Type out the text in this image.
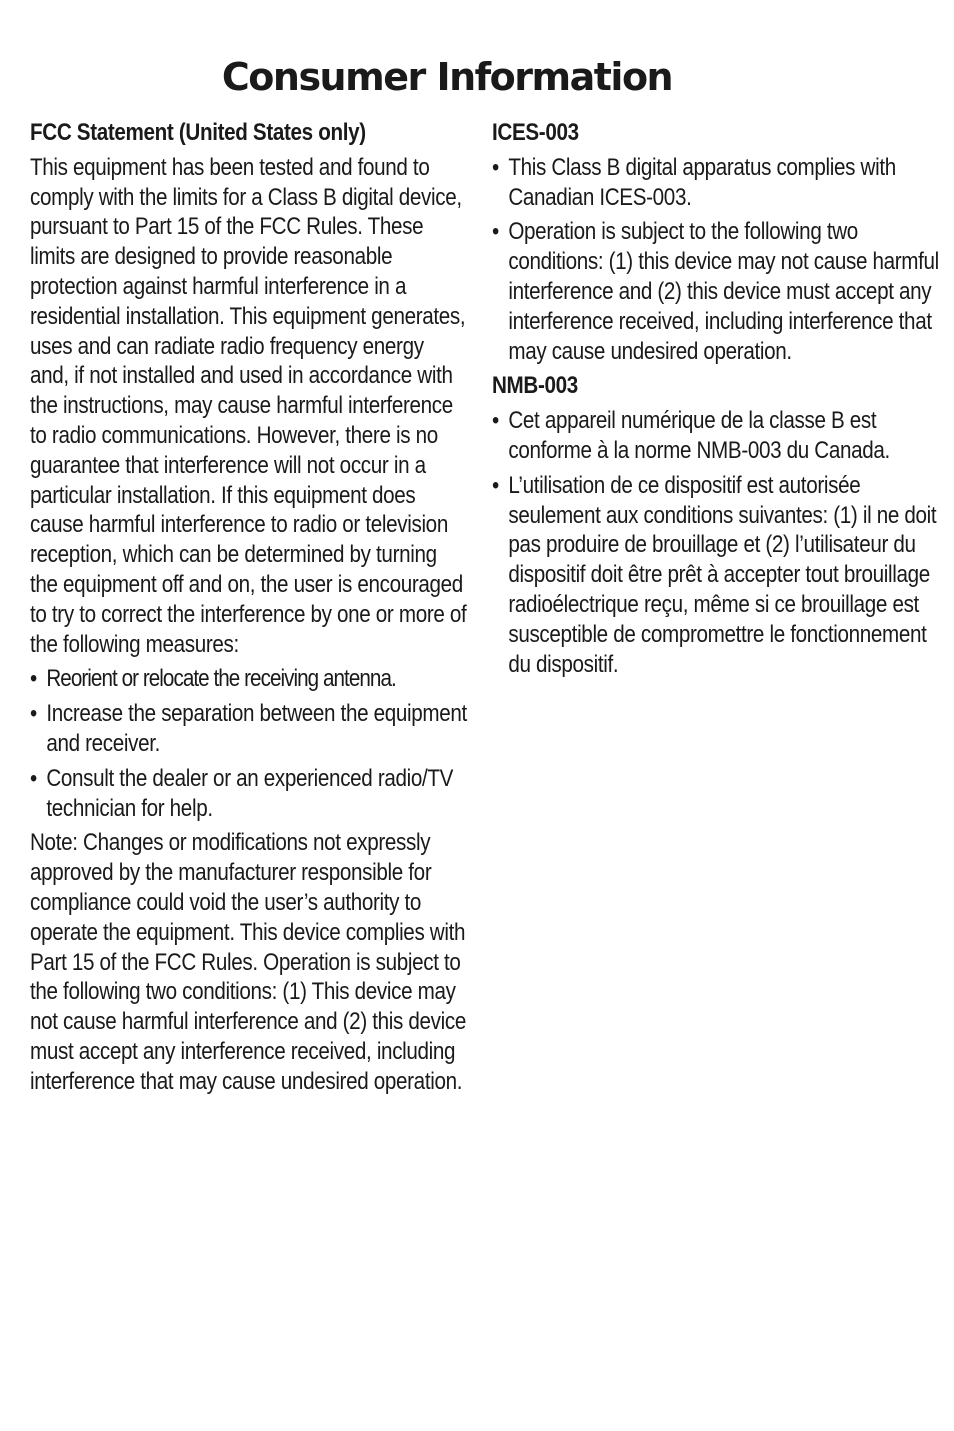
Consumer Information
FCC Statement (United States only)

This equipment has been tested and found to comply with the limits for a Class B digital device, pursuant to Part 15 of the FCC Rules. These limits are designed to provide reasonable protection against harmful interference in a residential installation. This equipment generates, uses and can radiate radio frequency energy and, if not installed and used in accordance with the instructions, may cause harmful interference to radio communications. However, there is no guarantee that interference will not occur in a particular installation. If this equipment does cause harmful interference to radio or television reception, which can be determined by turning the equipment off and on, the user is encouraged to try to correct the interference by one or more of the following measures:

• Reorient or relocate the receiving antenna.
• Increase the separation between the equipment and receiver.
• Consult the dealer or an experienced radio/TV technician for help.

Note: Changes or modifications not expressly approved by the manufacturer responsible for compliance could void the user’s authority to operate the equipment. This device complies with Part 15 of the FCC Rules. Operation is subject to the following two conditions: (1) This device may not cause harmful interference and (2) this device must accept any interference received, including interference that may cause undesired operation.

ICES-003
• This Class B digital apparatus complies with Canadian ICES-003.
• Operation is subject to the following two conditions: (1) this device may not cause harmful interference and (2) this device must accept any interference received, including interference that may cause undesired operation.
NMB-003
• Cet appareil numérique de la classe B est conforme à la norme NMB-003 du Canada.
• L’utilisation de ce dispositif est autorisée seulement aux conditions suivantes: (1) il ne doit pas produire de brouillage et (2) l’utilisateur du dispositif doit être prêt à accepter tout brouillage radioélectrique reçu, même si ce brouillage est susceptible de compromettre le fonctionnement du dispositif.
